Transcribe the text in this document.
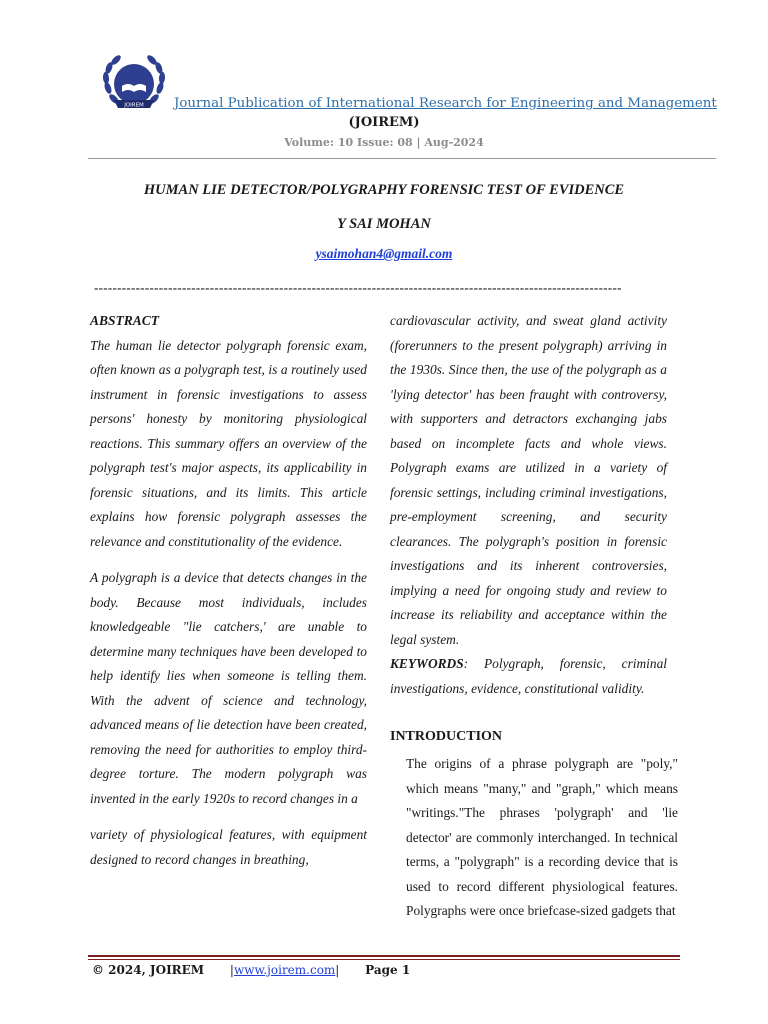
JOIREM Journal Publication of International Research for Engineering and Management
(JOIREM)
Volume: 10 Issue: 08 | Aug-2024
HUMAN LIE DETECTOR/POLYGRAPHY FORENSIC TEST OF EVIDENCE
Y SAI MOHAN
ysaimohan4@gmail.com
------------------------------------------------------------------------------------------------------------------

ABSTRACT

The human lie detector polygraph forensic exam, often known as a polygraph test, is a routinely used instrument in forensic investigations to assess persons' honesty by monitoring physiological reactions. This summary offers an overview of the polygraph test's major aspects, its applicability in forensic situations, and its limits. This article explains how forensic polygraph assesses the relevance and constitutionality of the evidence.

A polygraph is a device that detects changes in the body. Because most individuals, includes knowledgeable "lie catchers,' are unable to determine many techniques have been developed to help identify lies when someone is telling them. With the advent of science and technology, advanced means of lie detection have been created, removing the need for authorities to employ third-degree torture. The modern polygraph was invented in the early 1920s to record changes in a

variety of physiological features, with equipment designed to record changes in breathing,

cardiovascular activity, and sweat gland activity (forerunners to the present polygraph) arriving in the 1930s. Since then, the use of the polygraph as a 'lying detector' has been fraught with controversy, with supporters and detractors exchanging jabs based on incomplete facts and whole views. Polygraph exams are utilized in a variety of forensic settings, including criminal investigations, pre-employment screening, and security clearances. The polygraph's position in forensic investigations and its inherent controversies, implying a need for ongoing study and review to increase its reliability and acceptance within the legal system.

KEYWORDS: Polygraph, forensic, criminal investigations, evidence, constitutional validity.

INTRODUCTION

The origins of a phrase polygraph are "poly," which means "many," and "graph," which means "writings."The phrases 'polygraph' and 'lie detector' are commonly interchanged. In technical terms, a "polygraph" is a recording device that is used to record different physiological features. Polygraphs were once briefcase-sized gadgets that

© 2024, JOIREM |www.joirem.com| Page 1
